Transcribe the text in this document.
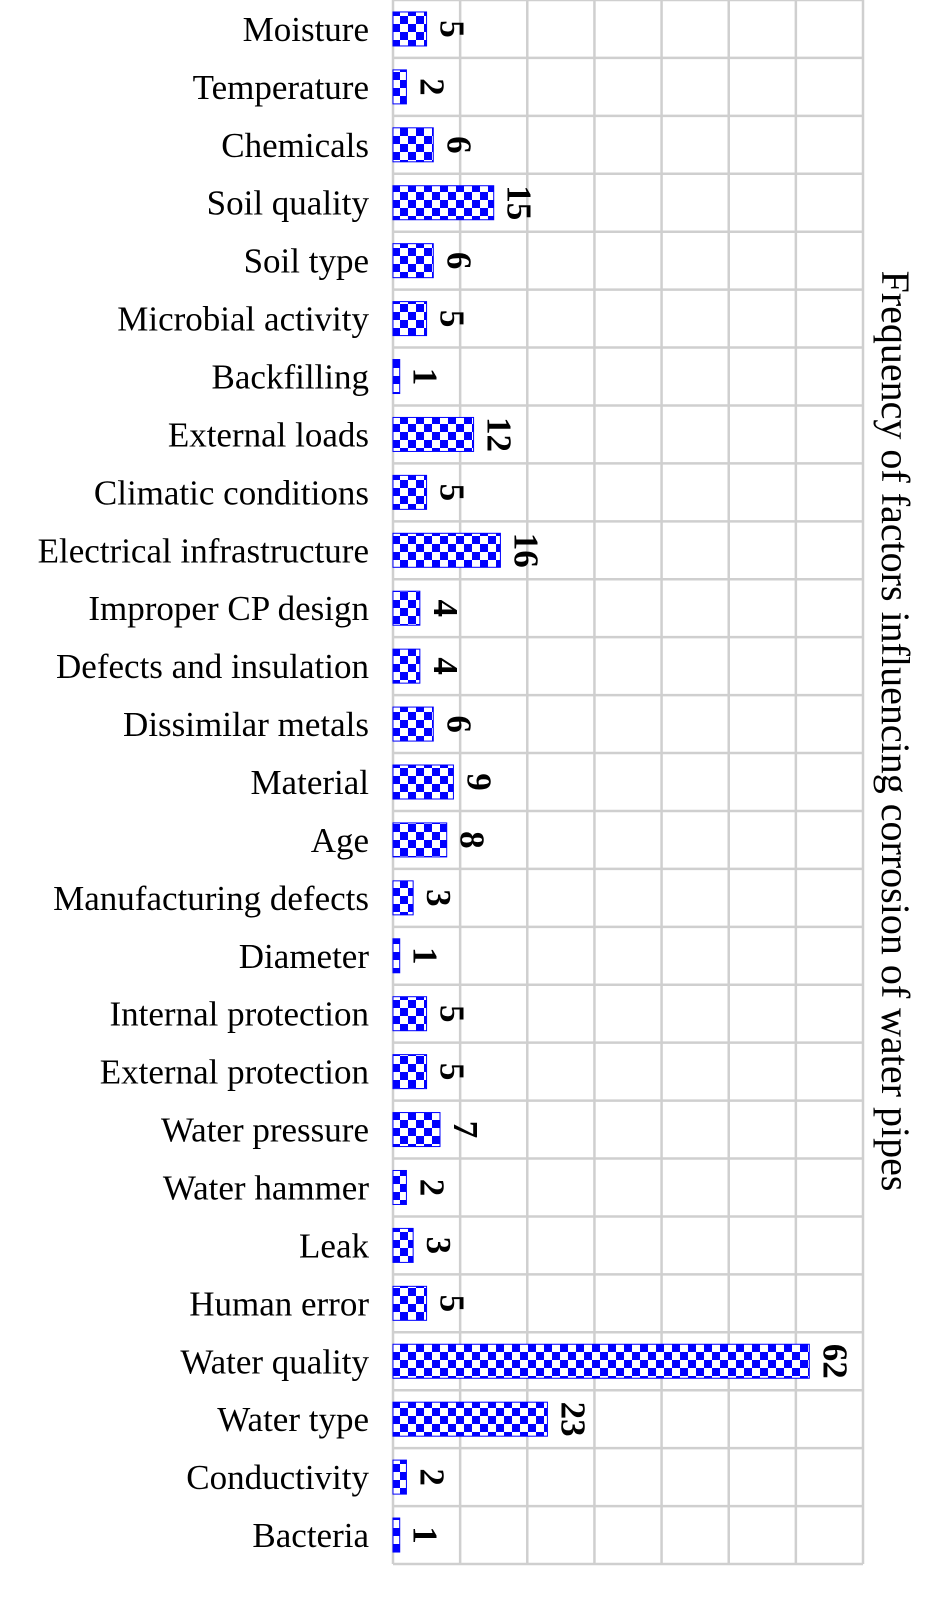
Moisture
Temperature
Chemicals
Soil quality
Soil type
Microbial activity
Backfilling
External loads
Climatic conditions
Electrical infrastructure
Improper CP design
Defects and insulation
Dissimilar metals
Material
Age
Manufacturing defects
Diameter
Internal protection
External protection
Water pressure
Water hammer
Leak
Human error
Water quality
Water type
Conductivity
Bacteria
5
2
6
15
6
5
1
12
5
16
4
4
6
9
8
3
1
5
5
7
2
3
5
62
23
2
1
Frequency of factors influencing corrosion of water pipes
